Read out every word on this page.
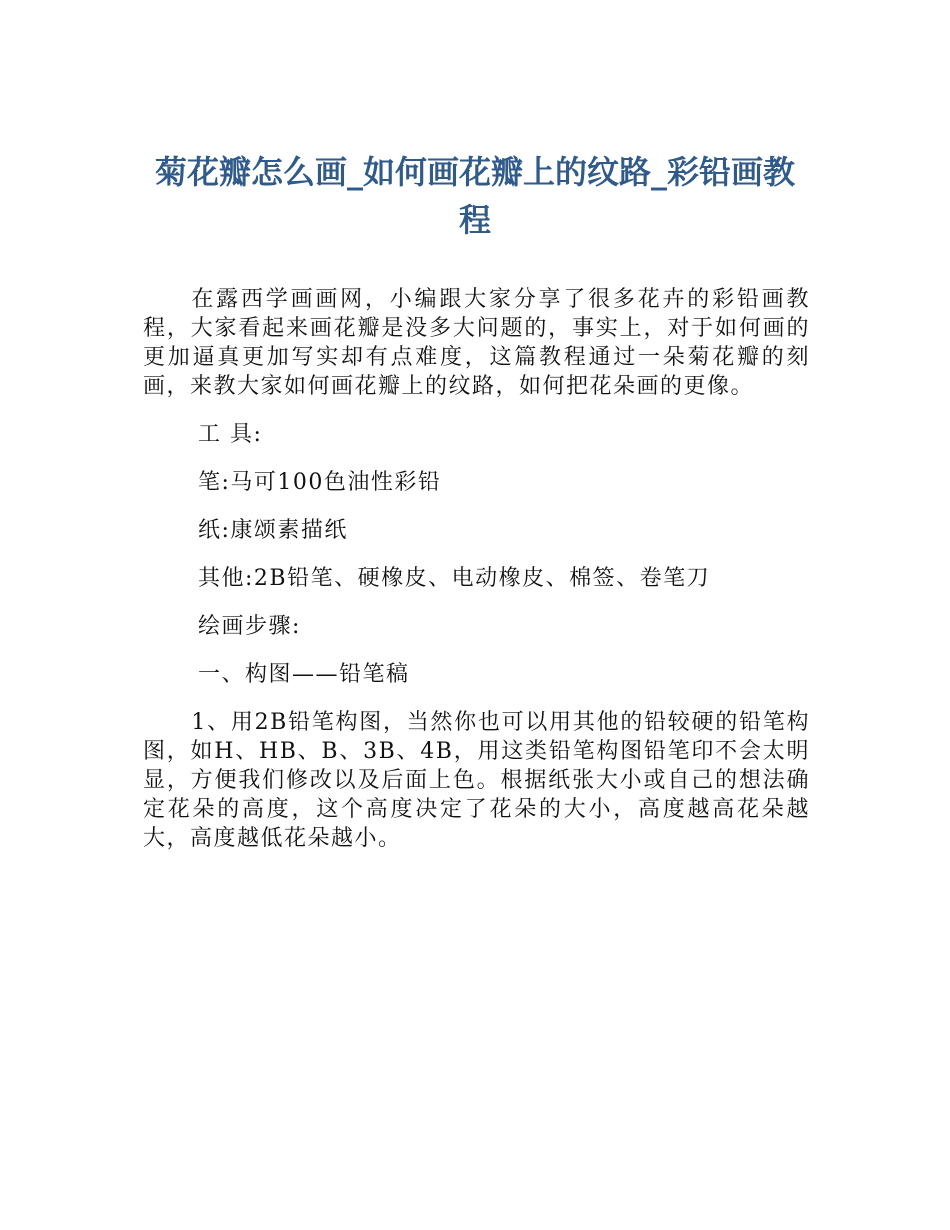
菊花瓣怎么画_如何画花瓣上的纹路_彩铅画教程

在露西学画画网，小编跟大家分享了很多花卉的彩铅画教程，大家看起来画花瓣是没多大问题的，事实上，对于如何画的更加逼真更加写实却有点难度，这篇教程通过一朵菊花瓣的刻画，来教大家如何画花瓣上的纹路，如何把花朵画的更像。

工 具:

笔:马可100色油性彩铅

纸:康颂素描纸

其他:2B铅笔、硬橡皮、电动橡皮、棉签、卷笔刀

绘画步骤:

一、构图——铅笔稿

1、用2B铅笔构图，当然你也可以用其他的铅较硬的铅笔构图，如H、HB、B、3B、4B，用这类铅笔构图铅笔印不会太明显，方便我们修改以及后面上色。根据纸张大小或自己的想法确定花朵的高度，这个高度决定了花朵的大小，高度越高花朵越大，高度越低花朵越小。
